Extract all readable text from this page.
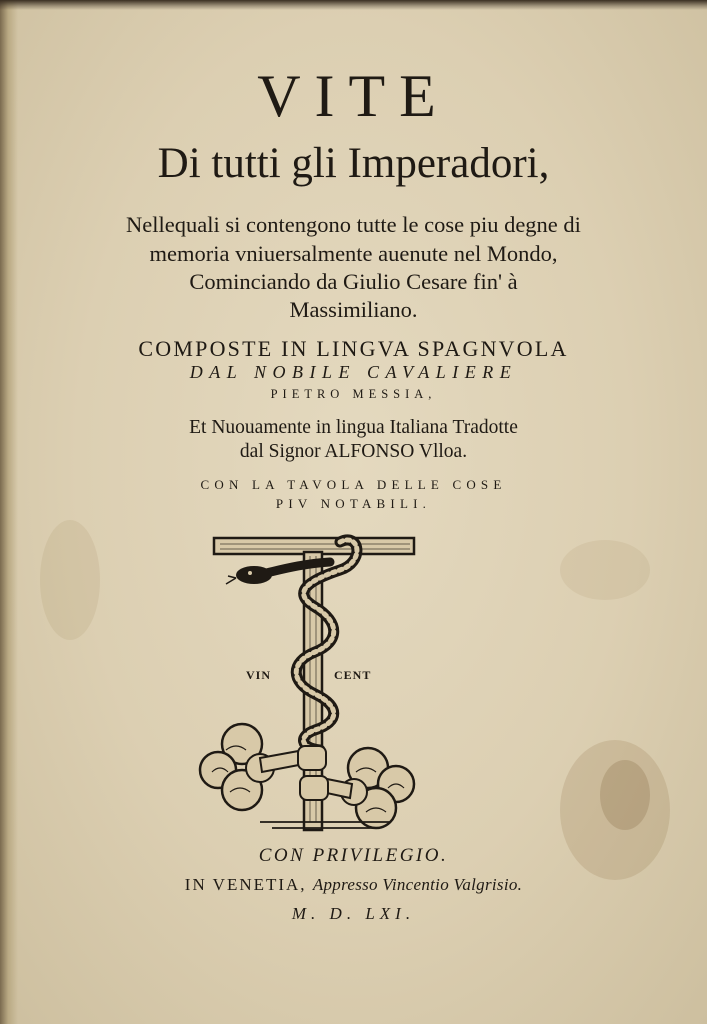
VITE
Di tutti gli Imperadori,
Nellequali si contengono tutte le cose piu degne di
memoria vniuersalmente auenute nel Mondo,
Cominciando da Giulio Cesare fin' à
Massimiliano.
COMPOSTE IN LINGVA SPAGNVOLA
DAL NOBILE CAVALIERE
PIETRO MESSIA,
Et Nuouamente in lingua Italiana Tradotte
dal Signor ALFONSO Vlloa.
CON LA TAVOLA DELLE COSE
PIV NOTABILI.
VIN	CENT
CON PRIVILEGIO.
IN VENETIA, Appresso Vincentio Valgrisio.
M. D. LXI.
